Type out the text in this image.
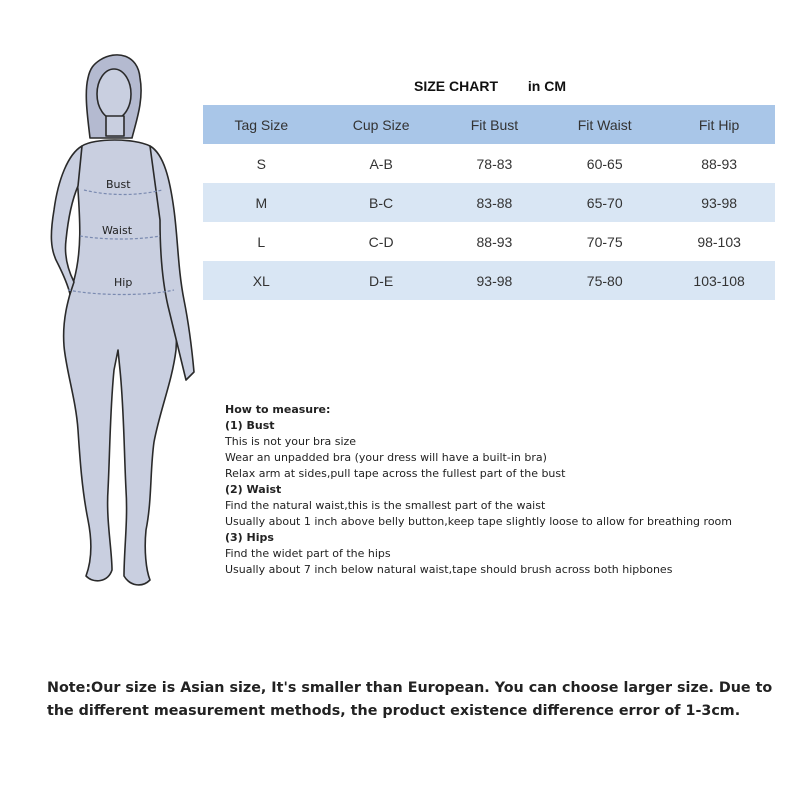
Bust
Waist
Hip
SIZE CHART in CM
Tag Size	Cup Size	Fit Bust	Fit Waist	Fit Hip
S	A-B	78-83	60-65	88-93
M	B-C	83-88	65-70	93-98
L	C-D	88-93	70-75	98-103
XL	D-E	93-98	75-80	103-108
How to measure:
(1) Bust
This is not your bra size
Wear an unpadded bra (your dress will have a built-in bra)
Relax arm at sides,pull tape across the fullest part of the bust
(2) Waist
Find the natural waist,this is the smallest part of the waist
Usually about 1 inch above belly button,keep tape slightly loose to allow for breathing room
(3) Hips
Find the widet part of the hips
Usually about 7 inch below natural waist,tape should brush across both hipbones
Note:Our size is Asian size, It's smaller than European. You can choose larger size. Due to the different measurement methods, the product existence difference error of 1-3cm.
